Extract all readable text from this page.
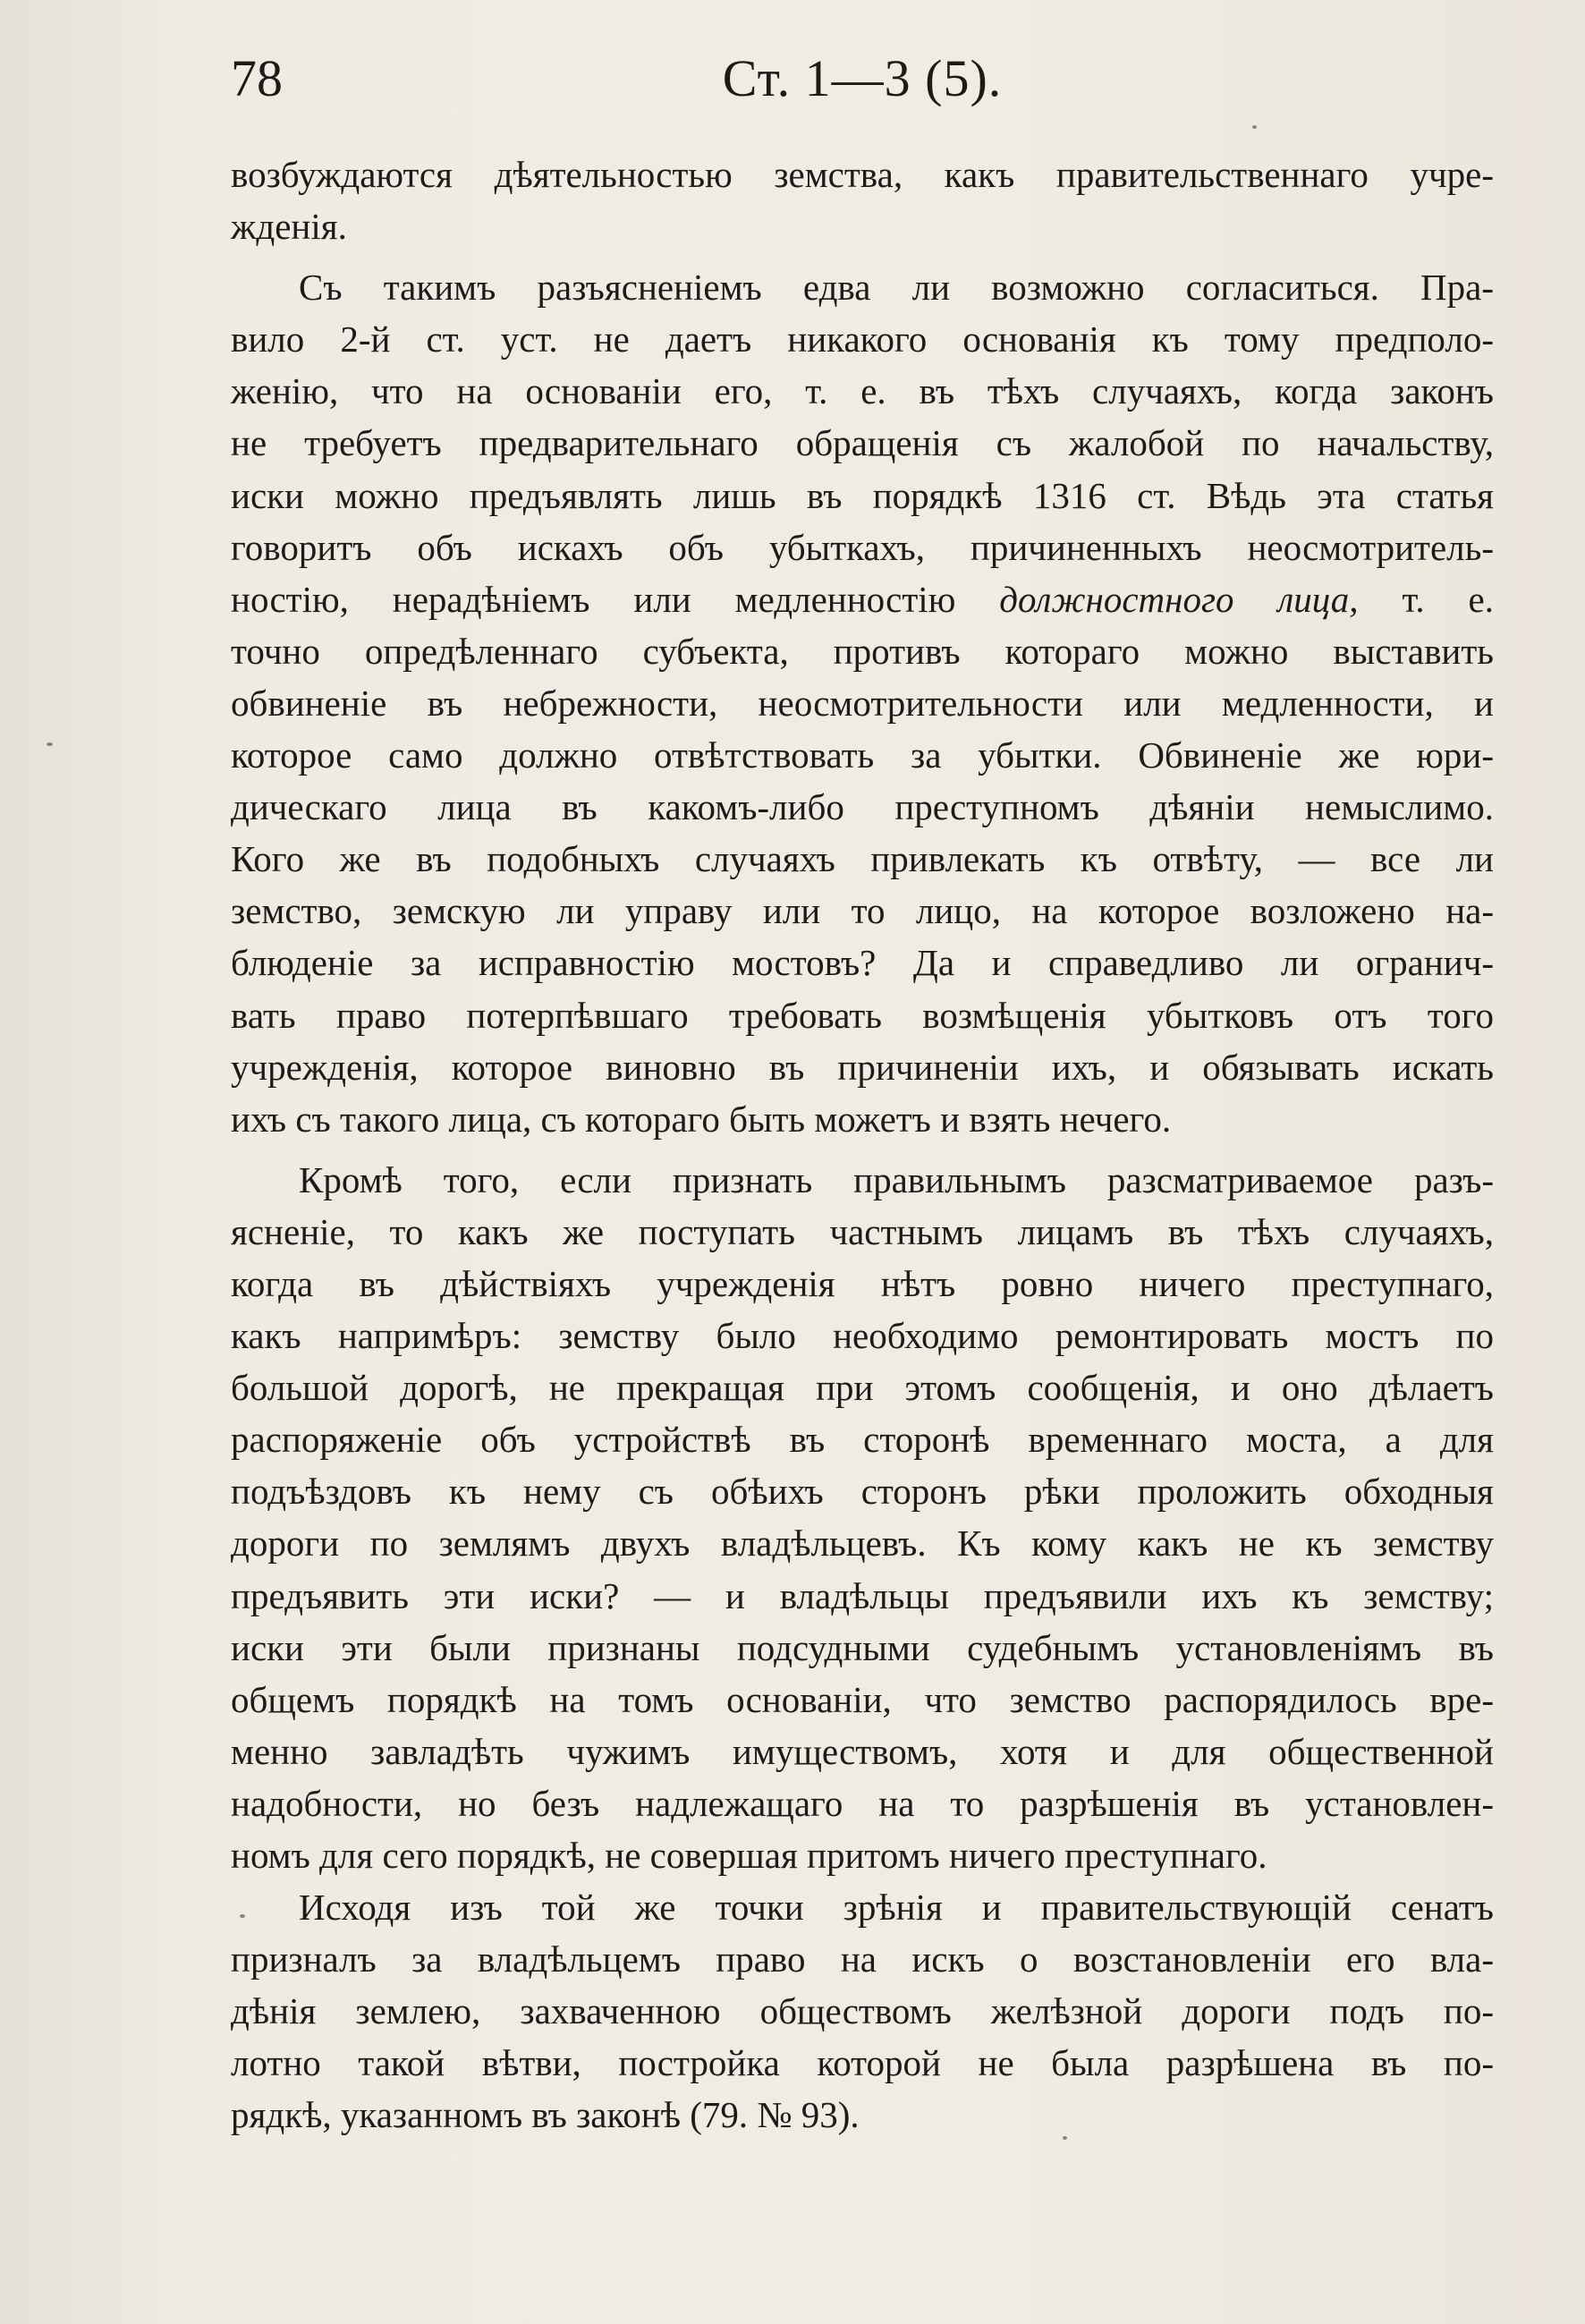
78	Ст. 1—3 (5).
возбуждаются дѣятельностью земства, какъ правительственнаго учре-
жденія.
Съ такимъ разъясненіемъ едва ли возможно согласиться. Пра-
вило 2-й ст. уст. не даетъ никакого основанія къ тому предполо-
женію, что на основаніи его, т. е. въ тѣхъ случаяхъ, когда законъ
не требуетъ предварительнаго обращенія съ жалобой по начальству,
иски можно предъявлять лишь въ порядкѣ 1316 ст. Вѣдь эта статья
говоритъ объ искахъ объ убыткахъ, причиненныхъ неосмотритель-
ностію, нерадѣніемъ или медленностію должностного лица, т. е.
точно опредѣленнаго субъекта, противъ котораго можно выставить
обвиненіе въ небрежности, неосмотрительности или медленности, и
которое само должно отвѣтствовать за убытки. Обвиненіе же юри-
дическаго лица въ какомъ-либо преступномъ дѣяніи немыслимо.
Кого же въ подобныхъ случаяхъ привлекать къ отвѣту, — все ли
земство, земскую ли управу или то лицо, на которое возложено на-
блюденіе за исправностію мостовъ? Да и справедливо ли огранич-
вать право потерпѣвшаго требовать возмѣщенія убытковъ отъ того
учрежденія, которое виновно въ причиненіи ихъ, и обязывать искать
ихъ съ такого лица, съ котораго быть можетъ и взять нечего.
Кромѣ того, если признать правильнымъ разсматриваемое разъ-
ясненіе, то какъ же поступать частнымъ лицамъ въ тѣхъ случаяхъ,
когда въ дѣйствіяхъ учрежденія нѣтъ ровно ничего преступнаго,
какъ напримѣръ: земству было необходимо ремонтировать мостъ по
большой дорогѣ, не прекращая при этомъ сообщенія, и оно дѣлаетъ
распоряженіе объ устройствѣ въ сторонѣ временнаго моста, а для
подъѣздовъ къ нему съ обѣихъ сторонъ рѣки проложить обходныя
дороги по землямъ двухъ владѣльцевъ. Къ кому какъ не къ земству
предъявить эти иски? — и владѣльцы предъявили ихъ къ земству;
иски эти были признаны подсудными судебнымъ установленіямъ въ
общемъ порядкѣ на томъ основаніи, что земство распорядилось вре-
менно завладѣть чужимъ имуществомъ, хотя и для общественной
надобности, но безъ надлежащаго на то разрѣшенія въ установлен-
номъ для сего порядкѣ, не совершая притомъ ничего преступнаго.
Исходя изъ той же точки зрѣнія и правительствующій сенатъ
призналъ за владѣльцемъ право на искъ о возстановленіи его вла-
дѣнія землею, захваченною обществомъ желѣзной дороги подъ по-
лотно такой вѣтви, постройка которой не была разрѣшена въ по-
рядкѣ, указанномъ въ законѣ (79. № 93).
